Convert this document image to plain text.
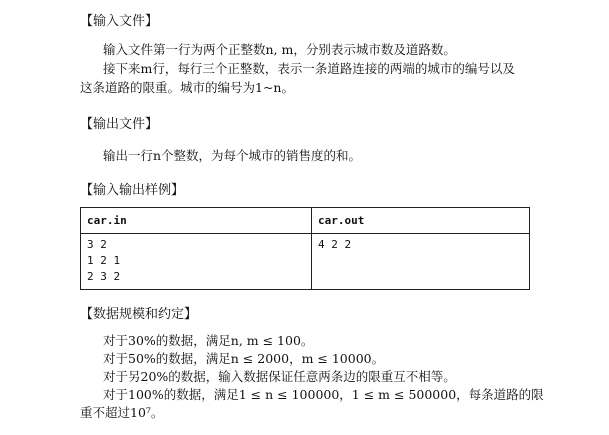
【输入文件】
输入文件第一行为两个正整数n, m，分别表示城市数及道路数。
接下来m行，每行三个正整数，表示一条道路连接的两端的城市的编号以及
这条道路的限重。城市的编号为1~n。
【输出文件】
输出一行n个整数，为每个城市的销售度的和。
【输入输出样例】
car.in	car.out

3 2
1 2 1
2 3 2	4 2 2
【数据规模和约定】
对于30%的数据，满足n, m ≤ 100。
对于50%的数据，满足n ≤ 2000，m ≤ 10000。
对于另20%的数据，输入数据保证任意两条边的限重互不相等。
对于100%的数据，满足1 ≤ n ≤ 100000，1 ≤ m ≤ 500000，每条道路的限
重不超过10⁷。
